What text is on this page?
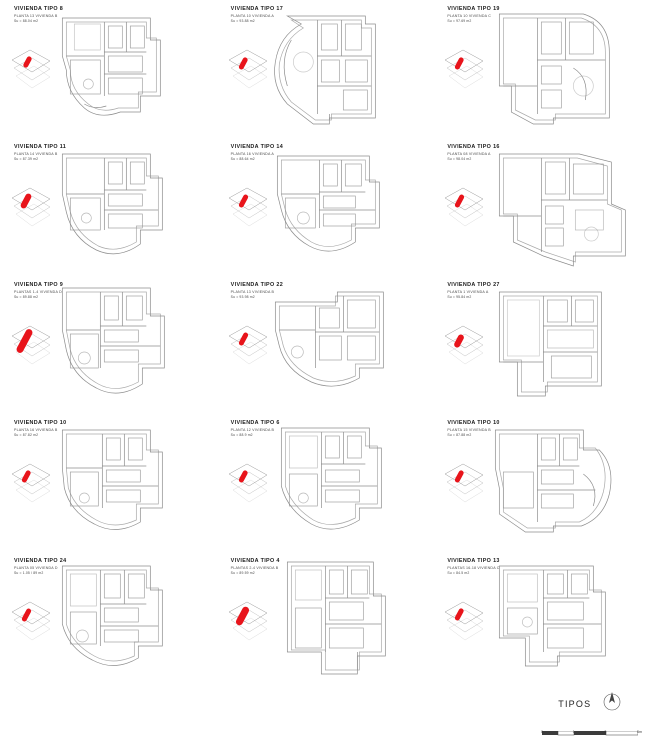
VIVIENDA TIPO 8
PLANTA 13 VIVIENDA B
Su = 88.04 m2
VIVIENDA TIPO 17
PLANTA 10 VIVIENDA A
Su = 93.88 m2
VIVIENDA TIPO 19
PLANTA 10 VIVIENDA C
Su = 97.69 m2
VIVIENDA TIPO 11
PLANTA 14 VIVIENDA B
Su = 87.39 m2
VIVIENDA TIPO 14
PLANTA 16 VIVIENDA A
Su = 88.64 m2
VIVIENDA TIPO 16
PLANTA 08 VIVIENDA A
Su = 98.04 m2
VIVIENDA TIPO 9
PLANTAS 1-4 VIVIENDA D
Su = 89.88 m2
VIVIENDA TIPO 22
PLANTA 13 VIVIENDA B
Su = 93.98 m2
VIVIENDA TIPO 27
PLANTA 1 VIVIENDA A
Su = 95.84 m2
VIVIENDA TIPO 10
PLANTA 16 VIVIENDA B
Su = 87.82 m2
VIVIENDA TIPO 6
PLANTA 12 VIVIENDA B
Su = 88.9 m2
VIVIENDA TIPO 10
PLANTA 15 VIVIENDA B
Su = 87.88 m2
VIVIENDA TIPO 24
PLANTA 05 VIVIENDA D
Su = 1.05 / 89 m2
VIVIENDA TIPO 4
PLANTAS 2-4 VIVIENDA B
Su = 89.59 m2
VIVIENDA TIPO 13
PLANTAS 16-18 VIVIENDA C
Su = 84.5 m2
TIPOS
0	1	2	5m
